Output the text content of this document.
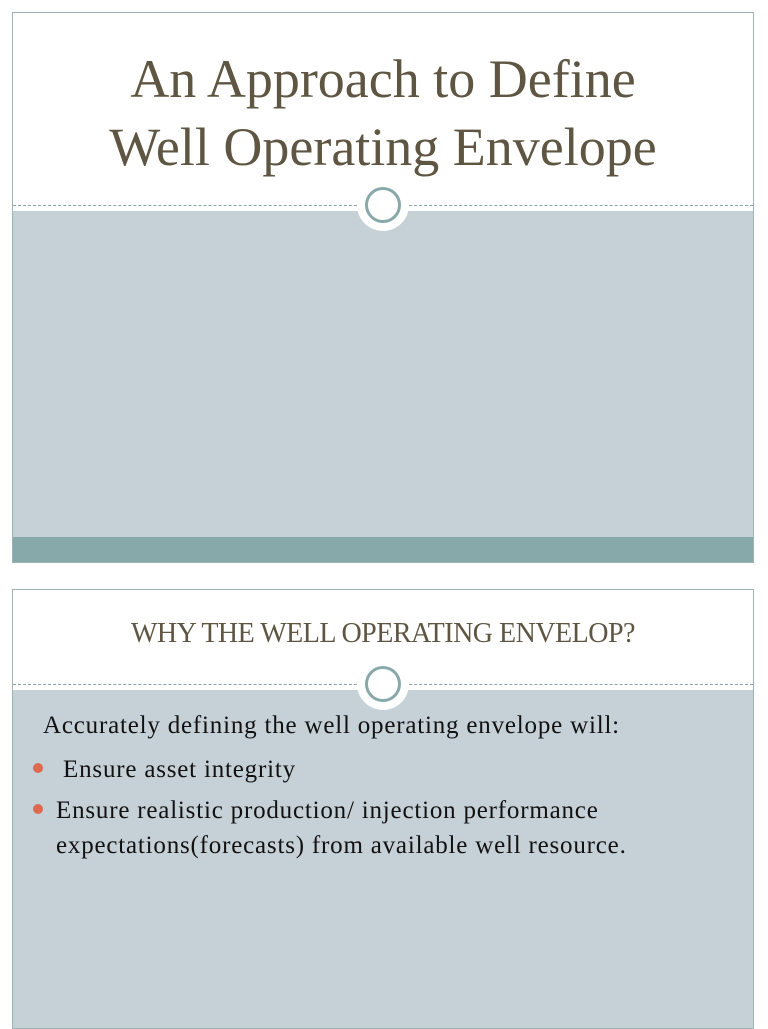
An Approach to Define
Well Operating Envelope
WHY THE WELL OPERATING ENVELOP?
Accurately defining the well operating envelope will:
Ensure asset integrity
Ensure realistic production/ injection performance expectations(forecasts) from available well resource.
